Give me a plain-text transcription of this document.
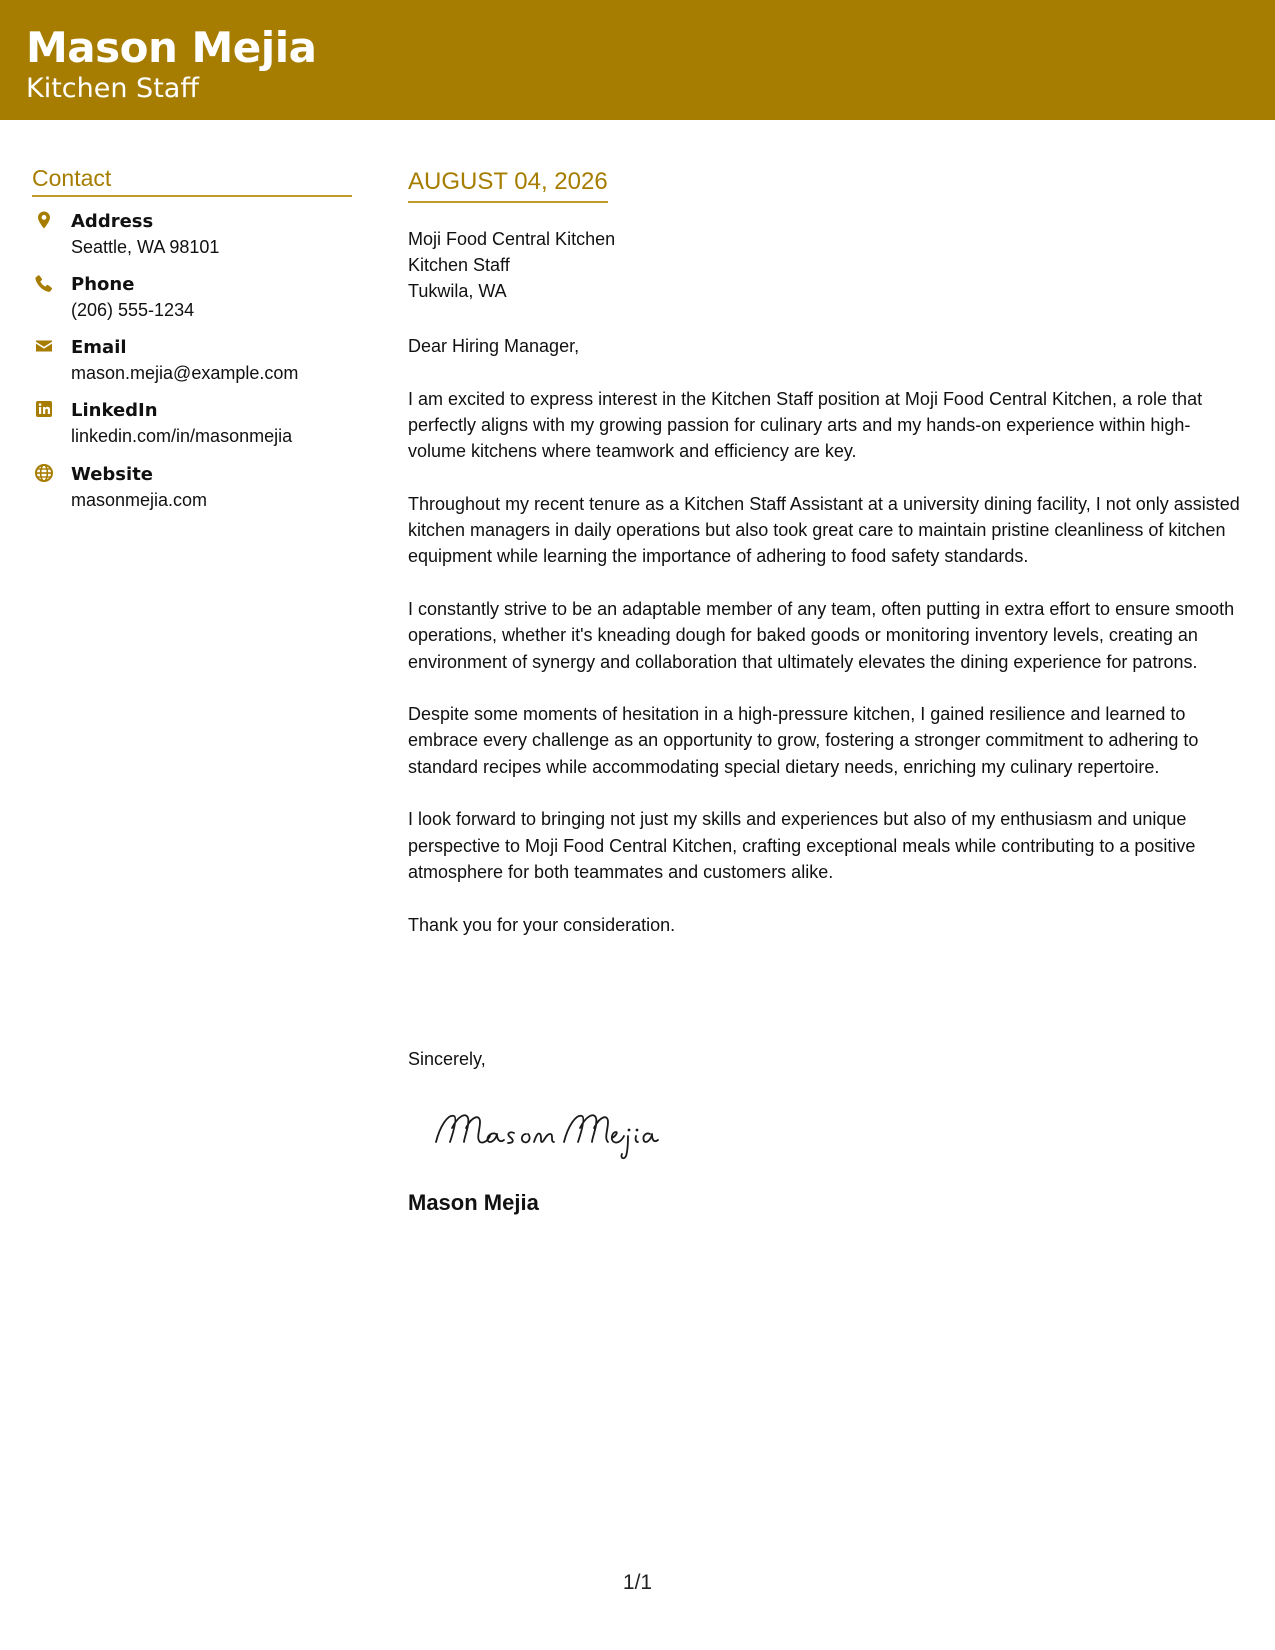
Mason Mejia
Kitchen Staff
Contact
Address
Seattle, WA 98101
Phone
(206) 555-1234
Email
mason.mejia@example.com
LinkedIn
linkedin.com/in/masonmejia
Website
masonmejia.com
AUGUST 04, 2026
Moji Food Central Kitchen
Kitchen Staff
Tukwila, WA

Dear Hiring Manager,

I am excited to express interest in the Kitchen Staff position at Moji Food Central Kitchen, a role that perfectly aligns with my growing passion for culinary arts and my hands-on experience within high-volume kitchens where teamwork and efficiency are key.

Throughout my recent tenure as a Kitchen Staff Assistant at a university dining facility, I not only assisted kitchen managers in daily operations but also took great care to maintain pristine cleanliness of kitchen equipment while learning the importance of adhering to food safety standards.

I constantly strive to be an adaptable member of any team, often putting in extra effort to ensure smooth operations, whether it's kneading dough for baked goods or monitoring inventory levels, creating an environment of synergy and collaboration that ultimately elevates the dining experience for patrons.

Despite some moments of hesitation in a high-pressure kitchen, I gained resilience and learned to embrace every challenge as an opportunity to grow, fostering a stronger commitment to adhering to standard recipes while accommodating special dietary needs, enriching my culinary repertoire.

I look forward to bringing not just my skills and experiences but also of my enthusiasm and unique perspective to Moji Food Central Kitchen, crafting exceptional meals while contributing to a positive atmosphere for both teammates and customers alike.

Thank you for your consideration.

Sincerely,
Mason Mejia
1/1
